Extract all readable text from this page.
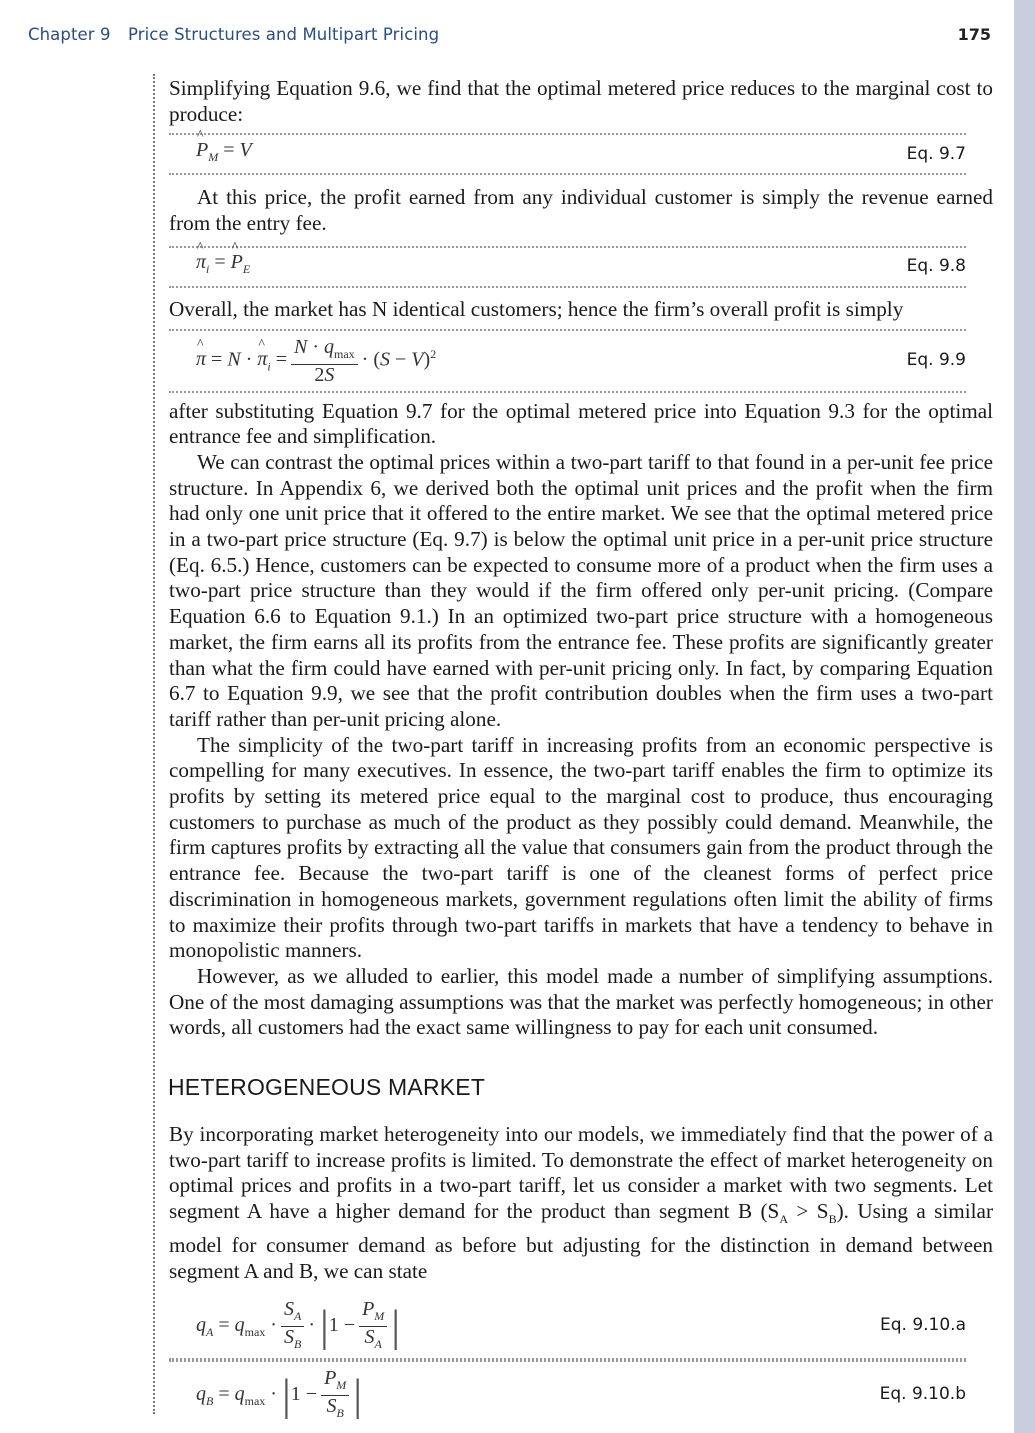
Chapter 9 Price Structures and Multipart Pricing	175

Simplifying Equation 9.6, we find that the optimal metered price reduces to the marginal cost to produce:

^ $P_M = V$	Eq. 9.7

At this price, the profit earned from any individual customer is simply the revenue earned from the entry fee.

^ $\pi_i$ = ^ $P_E$	Eq. 9.8

Overall, the market has N identical customers; hence the firm’s overall profit is simply

^ π = N · ^ $\pi_i = \frac{N \cdot q_{max}}{2S} \cdot (S - V)^2$	Eq. 9.9

after substituting Equation 9.7 for the optimal metered price into Equation 9.3 for the optimal entrance fee and simplification.

We can contrast the optimal prices within a two-part tariff to that found in a per-unit fee price structure. In Appendix 6, we derived both the optimal unit prices and the profit when the firm had only one unit price that it offered to the entire market. We see that the optimal metered price in a two-part price structure (Eq. 9.7) is below the optimal unit price in a per-unit price structure (Eq. 6.5.) Hence, customers can be expected to consume more of a product when the firm uses a two-part price structure than they would if the firm offered only per-unit pricing. (Compare Equation 6.6 to Equation 9.1.) In an optimized two-part price structure with a homogeneous market, the firm earns all its profits from the entrance fee. These profits are significantly greater than what the firm could have earned with per-unit pricing only. In fact, by comparing Equation 6.7 to Equation 9.9, we see that the profit contribution doubles when the firm uses a two-part tariff rather than per-unit pricing alone.

The simplicity of the two-part tariff in increasing profits from an economic perspective is compelling for many executives. In essence, the two-part tariff enables the firm to optimize its profits by setting its metered price equal to the marginal cost to produce, thus encouraging customers to purchase as much of the product as they possibly could demand. Meanwhile, the firm captures profits by extracting all the value that consumers gain from the product through the entrance fee. Because the two-part tariff is one of the cleanest forms of perfect price discrimination in homogeneous markets, government regulations often limit the ability of firms to maximize their profits through two-part tariffs in markets that have a tendency to behave in monopolistic manners.

However, as we alluded to earlier, this model made a number of simplifying assumptions. One of the most damaging assumptions was that the market was perfectly homogeneous; in other words, all customers had the exact same willingness to pay for each unit consumed.

HETEROGENEOUS MARKET

By incorporating market heterogeneity into our models, we immediately find that the power of a two-part tariff to increase profits is limited. To demonstrate the effect of market heterogeneity on optimal prices and profits in a two-part tariff, let us consider a market with two segments. Let segment A have a higher demand for the product than segment B $(S_A > S_B)$. Using a similar model for consumer demand as before but adjusting for the distinction in demand between segment A and B, we can state

$q_A = q_{max} \cdot \frac{S_A}{S_B} \cdot |1 - \frac{P_M}{S_A}$ |	Eq. 9.10.a
$q_B = q_{max} \cdot |1 - \frac{P_M}{S_B}$ |	Eq. 9.10.b
